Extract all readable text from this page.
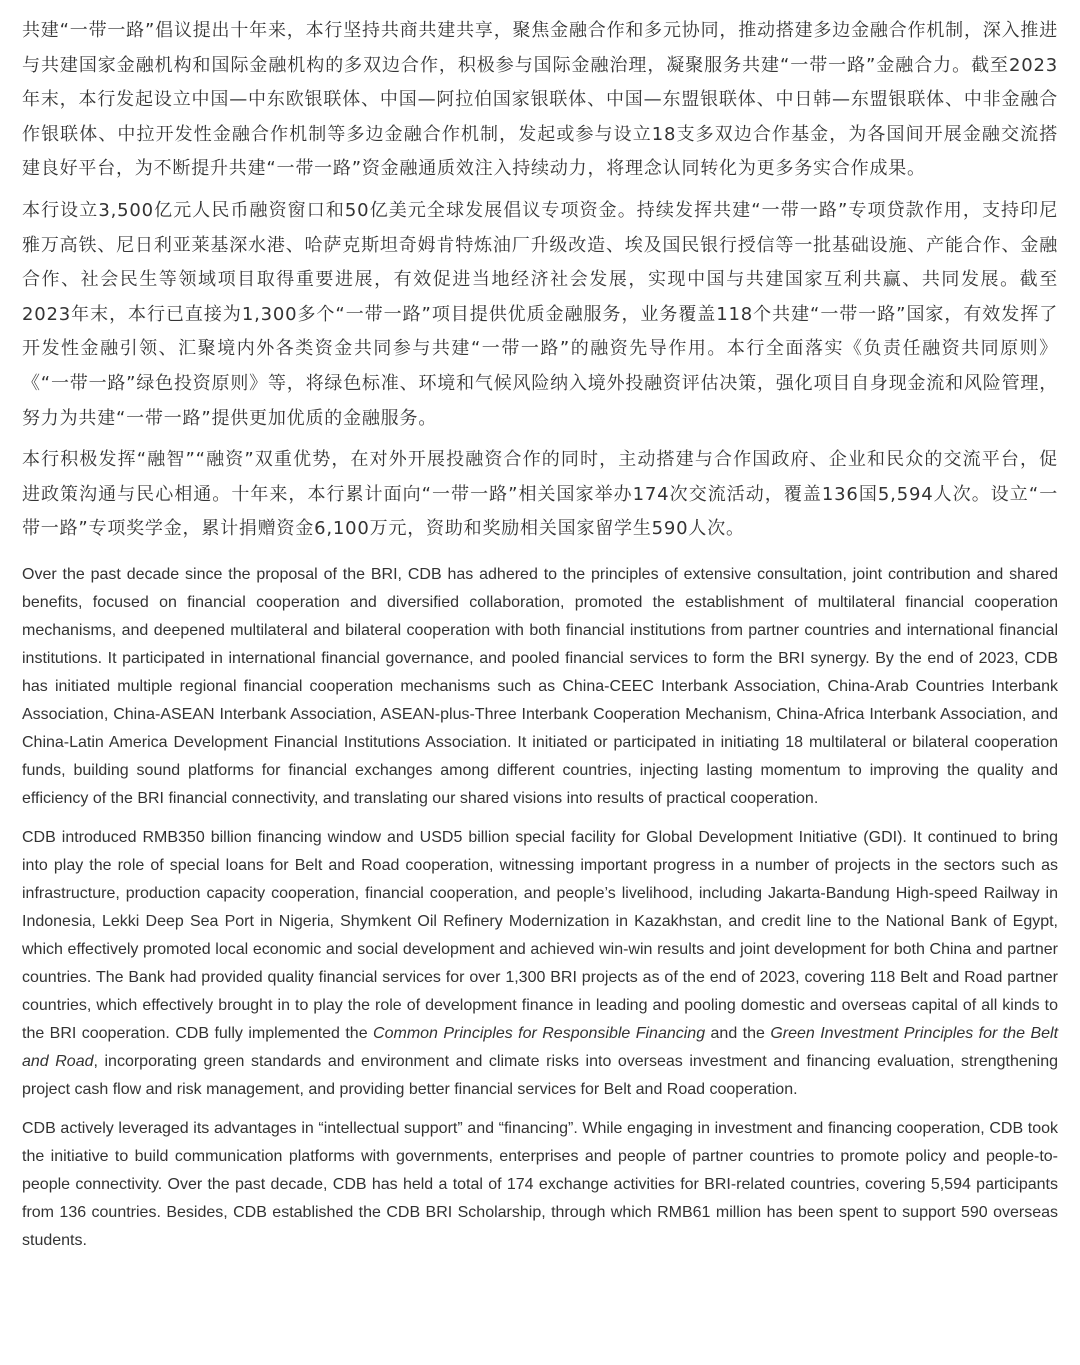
共建“一带一路”倡议提出十年来，本行坚持共商共建共享，聚焦金融合作和多元协同，推动搭建多边金融合作机制，深入推进与共建国家金融机构和国际金融机构的多双边合作，积极参与国际金融治理，凝聚服务共建“一带一路”金融合力。截至2023年末，本行发起设立中国—中东欧银联体、中国—阿拉伯国家银联体、中国—东盟银联体、中日韩—东盟银联体、中非金融合作银联体、中拉开发性金融合作机制等多边金融合作机制，发起或参与设立18支多双边合作基金，为各国间开展金融交流搭建良好平台，为不断提升共建“一带一路”资金融通质效注入持续动力，将理念认同转化为更多务实合作成果。

本行设立3,500亿元人民币融资窗口和50亿美元全球发展倡议专项资金。持续发挥共建“一带一路”专项贷款作用，支持印尼雅万高铁、尼日利亚莱基深水港、哈萨克斯坦奇姆肯特炼油厂升级改造、埃及国民银行授信等一批基础设施、产能合作、金融合作、社会民生等领域项目取得重要进展，有效促进当地经济社会发展，实现中国与共建国家互利共赢、共同发展。截至2023年末，本行已直接为1,300多个“一带一路”项目提供优质金融服务，业务覆盖118个共建“一带一路”国家，有效发挥了开发性金融引领、汇聚境内外各类资金共同参与共建“一带一路”的融资先导作用。本行全面落实《负责任融资共同原则》《“一带一路”绿色投资原则》等，将绿色标准、环境和气候风险纳入境外投融资评估决策，强化项目自身现金流和风险管理，努力为共建“一带一路”提供更加优质的金融服务。

本行积极发挥“融智”“融资”双重优势，在对外开展投融资合作的同时，主动搭建与合作国政府、企业和民众的交流平台，促进政策沟通与民心相通。十年来，本行累计面向“一带一路”相关国家举办174次交流活动，覆盖136国5,594人次。设立“一带一路”专项奖学金，累计捐赠资金6,100万元，资助和奖励相关国家留学生590人次。

Over the past decade since the proposal of the BRI, CDB has adhered to the principles of extensive consultation, joint contribution and shared benefits, focused on financial cooperation and diversified collaboration, promoted the establishment of multilateral financial cooperation mechanisms, and deepened multilateral and bilateral cooperation with both financial institutions from partner countries and international financial institutions. It participated in international financial governance, and pooled financial services to form the BRI synergy. By the end of 2023, CDB has initiated multiple regional financial cooperation mechanisms such as China-CEEC Interbank Association, China-Arab Countries Interbank Association, China-ASEAN Interbank Association, ASEAN-plus-Three Interbank Cooperation Mechanism, China-Africa Interbank Association, and China-Latin America Development Financial Institutions Association. It initiated or participated in initiating 18 multilateral or bilateral cooperation funds, building sound platforms for financial exchanges among different countries, injecting lasting momentum to improving the quality and efficiency of the BRI financial connectivity, and translating our shared visions into results of practical cooperation.

CDB introduced RMB350 billion financing window and USD5 billion special facility for Global Development Initiative (GDI). It continued to bring into play the role of special loans for Belt and Road cooperation, witnessing important progress in a number of projects in the sectors such as infrastructure, production capacity cooperation, financial cooperation, and people’s livelihood, including Jakarta-Bandung High-speed Railway in Indonesia, Lekki Deep Sea Port in Nigeria, Shymkent Oil Refinery Modernization in Kazakhstan, and credit line to the National Bank of Egypt, which effectively promoted local economic and social development and achieved win-win results and joint development for both China and partner countries. The Bank had provided quality financial services for over 1,300 BRI projects as of the end of 2023, covering 118 Belt and Road partner countries, which effectively brought in to play the role of development finance in leading and pooling domestic and overseas capital of all kinds to the BRI cooperation. CDB fully implemented the Common Principles for Responsible Financing and the Green Investment Principles for the Belt and Road, incorporating green standards and environment and climate risks into overseas investment and financing evaluation, strengthening project cash flow and risk management, and providing better financial services for Belt and Road cooperation.

CDB actively leveraged its advantages in “intellectual support” and “financing”. While engaging in investment and financing cooperation, CDB took the initiative to build communication platforms with governments, enterprises and people of partner countries to promote policy and people-to-people connectivity. Over the past decade, CDB has held a total of 174 exchange activities for BRI-related countries, covering 5,594 participants from 136 countries. Besides, CDB established the CDB BRI Scholarship, through which RMB61 million has been spent to support 590 overseas students.
